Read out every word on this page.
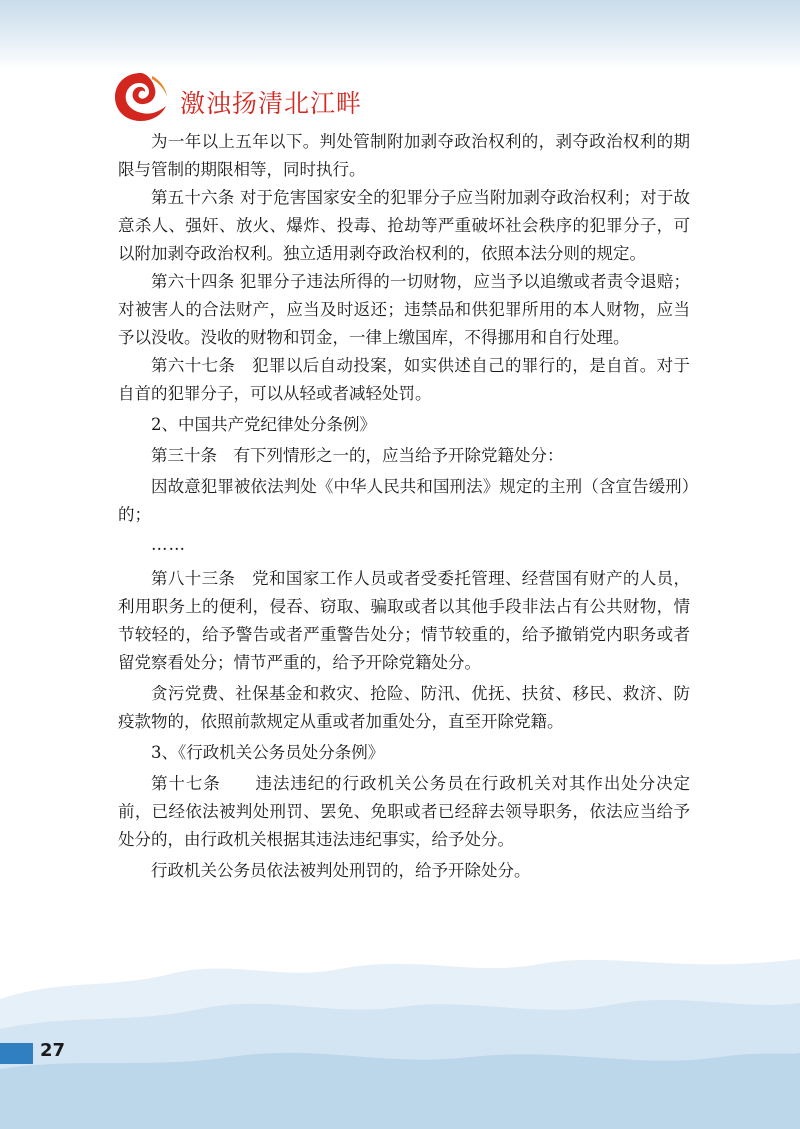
激浊扬清北江畔

为一年以上五年以下。判处管制附加剥夺政治权利的，剥夺政治权利的期限与管制的期限相等，同时执行。

第五十六条 对于危害国家安全的犯罪分子应当附加剥夺政治权利；对于故意杀人、强奸、放火、爆炸、投毒、抢劫等严重破坏社会秩序的犯罪分子，可以附加剥夺政治权利。独立适用剥夺政治权利的，依照本法分则的规定。

第六十四条 犯罪分子违法所得的一切财物，应当予以追缴或者责令退赔；对被害人的合法财产，应当及时返还；违禁品和供犯罪所用的本人财物，应当予以没收。没收的财物和罚金，一律上缴国库，不得挪用和自行处理。

第六十七条　犯罪以后自动投案，如实供述自己的罪行的，是自首。对于自首的犯罪分子，可以从轻或者减轻处罚。

2、中国共产党纪律处分条例》

第三十条　有下列情形之一的，应当给予开除党籍处分：

因故意犯罪被依法判处《中华人民共和国刑法》规定的主刑（含宣告缓刑）的；

……

第八十三条　党和国家工作人员或者受委托管理、经营国有财产的人员，利用职务上的便利，侵吞、窃取、骗取或者以其他手段非法占有公共财物，情节较轻的，给予警告或者严重警告处分；情节较重的，给予撤销党内职务或者留党察看处分；情节严重的，给予开除党籍处分。

贪污党费、社保基金和救灾、抢险、防汛、优抚、扶贫、移民、救济、防疫款物的，依照前款规定从重或者加重处分，直至开除党籍。

3、《行政机关公务员处分条例》

第十七条　　违法违纪的行政机关公务员在行政机关对其作出处分决定前，已经依法被判处刑罚、罢免、免职或者已经辞去领导职务，依法应当给予处分的，由行政机关根据其违法违纪事实，给予处分。

行政机关公务员依法被判处刑罚的，给予开除处分。

27
